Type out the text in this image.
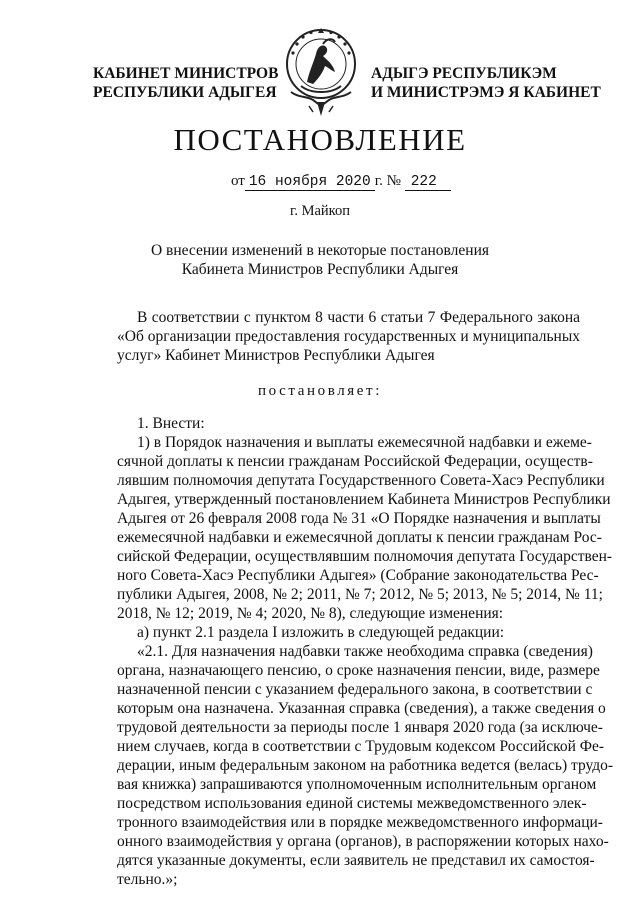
КАБИНЕТ МИНИСТРОВ
РЕСПУБЛИКИ АДЫГЕЯ
АДЫГЭ РЕСПУБЛИКЭМ
И МИНИСТРЭМЭ Я КАБИНЕТ
ПОСТАНОВЛЕНИЕ
от 16 ноября 2020 г. № 222
г. Майкоп
О внесении изменений в некоторые постановления
Кабинета Министров Республики Адыгея
В соответствии с пунктом 8 части 6 статьи 7 Федерального закона
«Об организации предоставления государственных и муниципальных
услуг» Кабинет Министров Республики Адыгея
постановляет:
1. Внести:
1) в Порядок назначения и выплаты ежемесячной надбавки и ежеме-
сячной доплаты к пенсии гражданам Российской Федерации, осуществ-
лявшим полномочия депутата Государственного Совета-Хасэ Республики
Адыгея, утвержденный постановлением Кабинета Министров Республики
Адыгея от 26 февраля 2008 года № 31 «О Порядке назначения и выплаты
ежемесячной надбавки и ежемесячной доплаты к пенсии гражданам Рос-
сийской Федерации, осуществлявшим полномочия депутата Государствен-
ного Совета-Хасэ Республики Адыгея» (Собрание законодательства Рес-
публики Адыгея, 2008, № 2; 2011, № 7; 2012, № 5; 2013, № 5; 2014, № 11;
2018, № 12; 2019, № 4; 2020, № 8), следующие изменения:
а) пункт 2.1 раздела I изложить в следующей редакции:
«2.1. Для назначения надбавки также необходима справка (сведения)
органа, назначающего пенсию, о сроке назначения пенсии, виде, размере
назначенной пенсии с указанием федерального закона, в соответствии с
которым она назначена. Указанная справка (сведения), а также сведения о
трудовой деятельности за периоды после 1 января 2020 года (за исключе-
нием случаев, когда в соответствии с Трудовым кодексом Российской Фе-
дерации, иным федеральным законом на работника ведется (велась) трудо-
вая книжка) запрашиваются уполномоченным исполнительным органом
посредством использования единой системы межведомственного элек-
тронного взаимодействия или в порядке межведомственного информаци-
онного взаимодействия у органа (органов), в распоряжении которых нахо-
дятся указанные документы, если заявитель не представил их самостоя-
тельно.»;
